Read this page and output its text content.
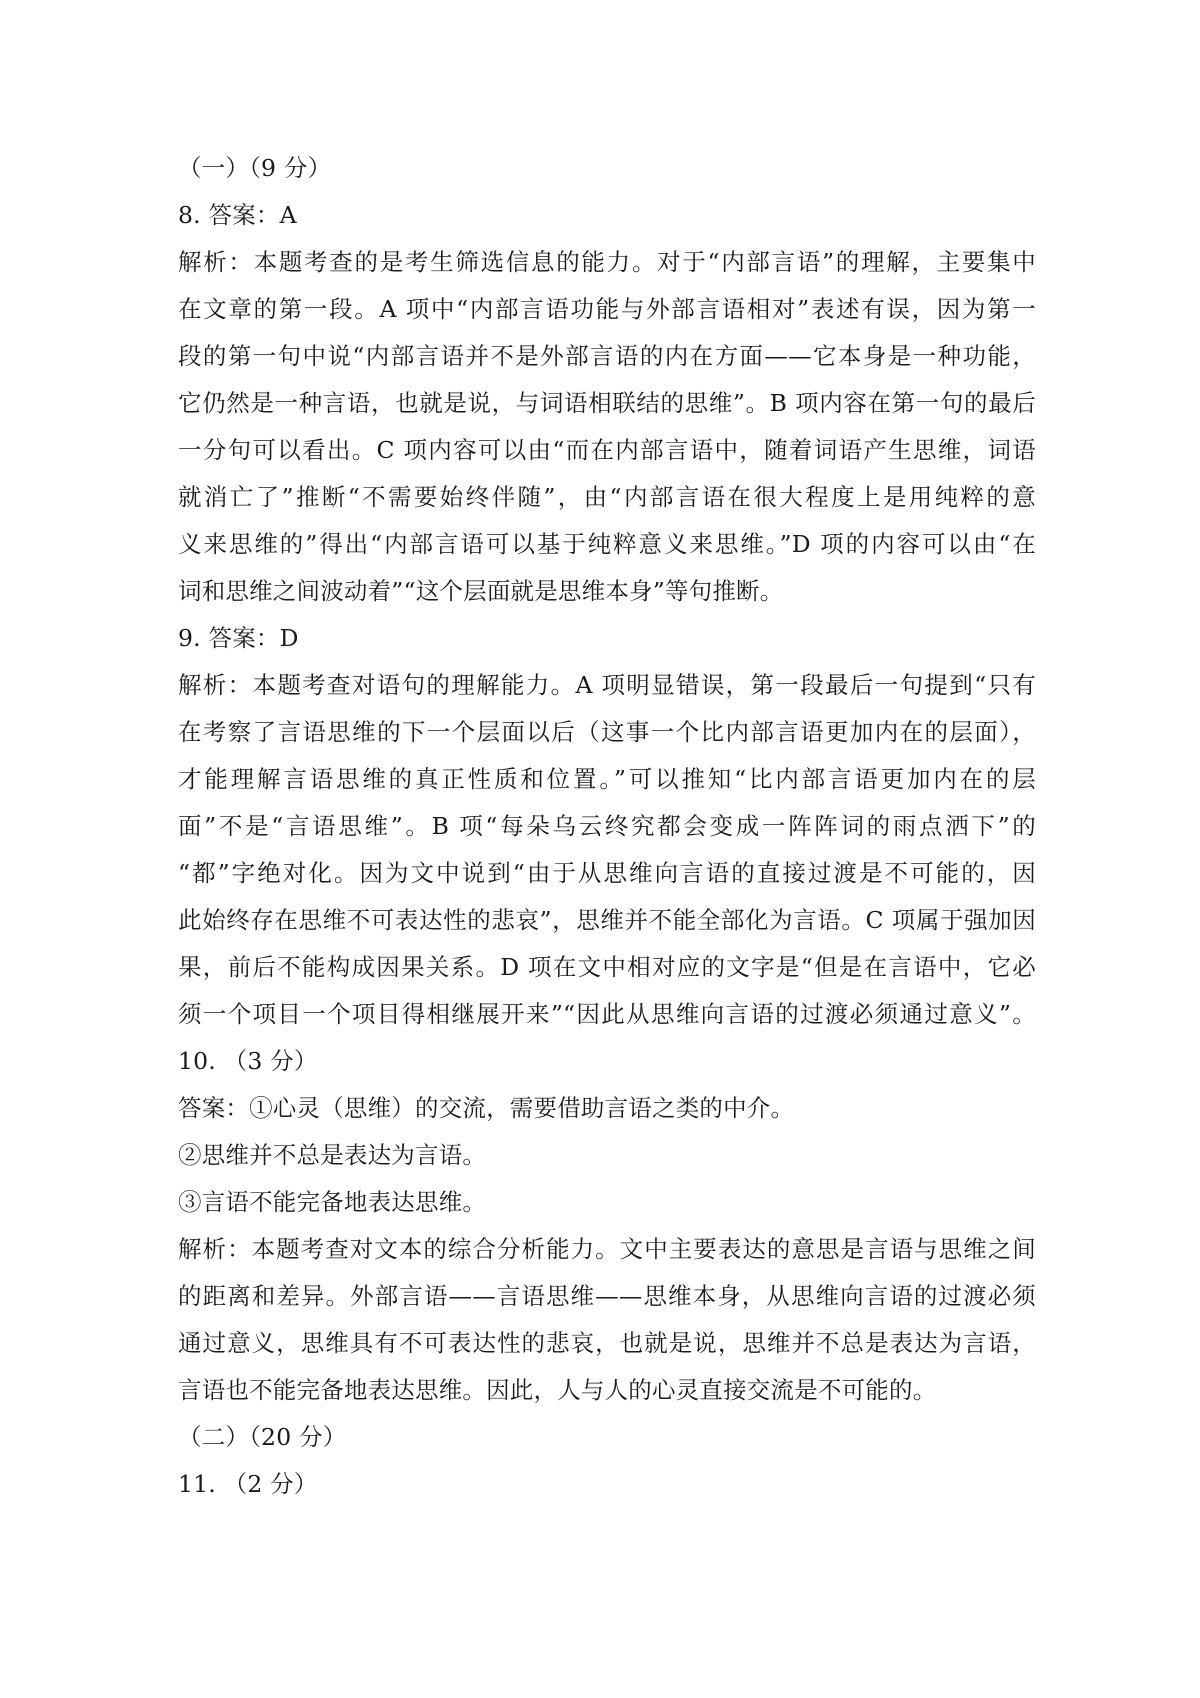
（一）（9 分）
8. 答案：A
解析：本题考查的是考生筛选信息的能力。对于“内部言语”的理解，主要集中
在文章的第一段。A 项中“内部言语功能与外部言语相对”表述有误，因为第一
段的第一句中说“内部言语并不是外部言语的内在方面——它本身是一种功能，
它仍然是一种言语，也就是说，与词语相联结的思维”。B 项内容在第一句的最后
一分句可以看出。C 项内容可以由“而在内部言语中，随着词语产生思维，词语
就消亡了”推断“不需要始终伴随”，由“内部言语在很大程度上是用纯粹的意
义来思维的”得出“内部言语可以基于纯粹意义来思维。”D 项的内容可以由“在
词和思维之间波动着”“这个层面就是思维本身”等句推断。
9. 答案：D
解析：本题考查对语句的理解能力。A 项明显错误，第一段最后一句提到“只有
在考察了言语思维的下一个层面以后（这事一个比内部言语更加内在的层面），
才能理解言语思维的真正性质和位置。”可以推知“比内部言语更加内在的层
面”不是“言语思维”。B 项“每朵乌云终究都会变成一阵阵词的雨点洒下”的
“都”字绝对化。因为文中说到“由于从思维向言语的直接过渡是不可能的，因
此始终存在思维不可表达性的悲哀”，思维并不能全部化为言语。C 项属于强加因
果，前后不能构成因果关系。D 项在文中相对应的文字是“但是在言语中，它必
须一个项目一个项目得相继展开来”“因此从思维向言语的过渡必须通过意义”。
10. （3 分）
答案：①心灵（思维）的交流，需要借助言语之类的中介。
②思维并不总是表达为言语。
③言语不能完备地表达思维。
解析：本题考查对文本的综合分析能力。文中主要表达的意思是言语与思维之间
的距离和差异。外部言语——言语思维——思维本身，从思维向言语的过渡必须
通过意义，思维具有不可表达性的悲哀，也就是说，思维并不总是表达为言语，
言语也不能完备地表达思维。因此，人与人的心灵直接交流是不可能的。
（二）（20 分）
11. （2 分）
